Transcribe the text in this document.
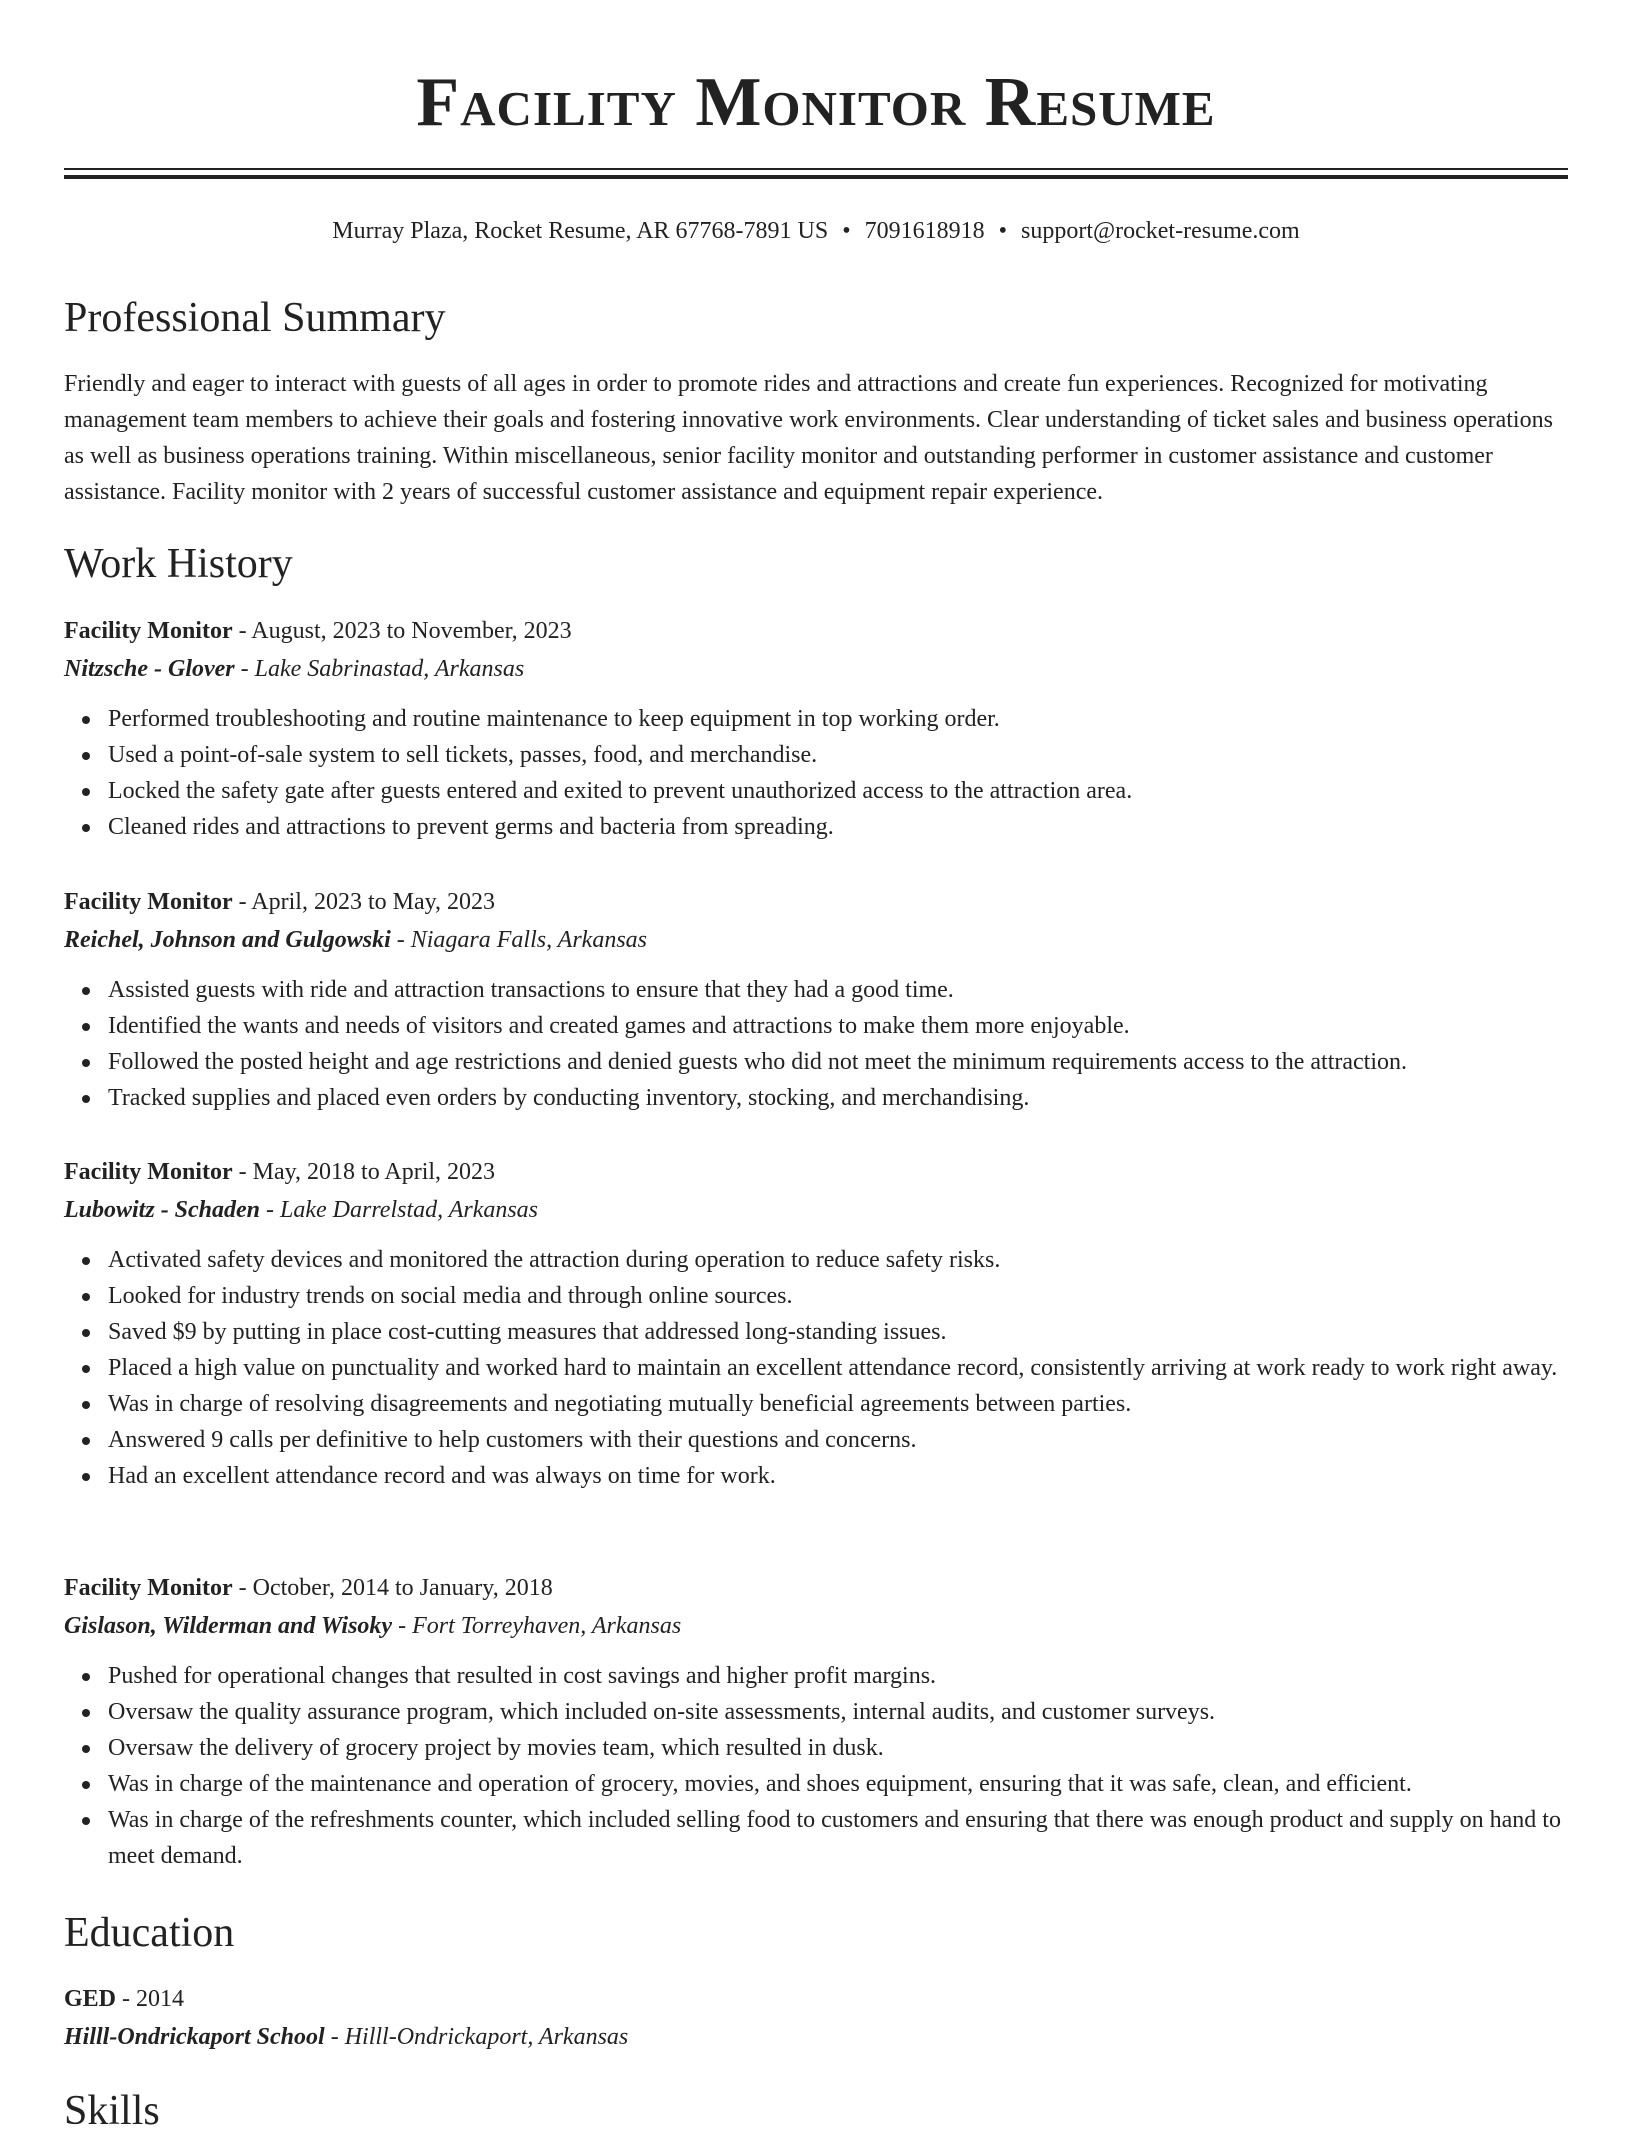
Facility Monitor Resume
Murray Plaza, Rocket Resume, AR 67768-7891 US • 7091618918 • support@rocket-resume.com
Professional Summary

Friendly and eager to interact with guests of all ages in order to promote rides and attractions and create fun experiences. Recognized for motivating management team members to achieve their goals and fostering innovative work environments. Clear understanding of ticket sales and business operations as well as business operations training. Within miscellaneous, senior facility monitor and outstanding performer in customer assistance and customer assistance. Facility monitor with 2 years of successful customer assistance and equipment repair experience.

Work History
Facility Monitor - August, 2023 to November, 2023
Nitzsche - Glover - Lake Sabrinastad, Arkansas
Performed troubleshooting and routine maintenance to keep equipment in top working order.
Used a point-of-sale system to sell tickets, passes, food, and merchandise.
Locked the safety gate after guests entered and exited to prevent unauthorized access to the attraction area.
Cleaned rides and attractions to prevent germs and bacteria from spreading.
Facility Monitor - April, 2023 to May, 2023
Reichel, Johnson and Gulgowski - Niagara Falls, Arkansas
Assisted guests with ride and attraction transactions to ensure that they had a good time.
Identified the wants and needs of visitors and created games and attractions to make them more enjoyable.
Followed the posted height and age restrictions and denied guests who did not meet the minimum requirements access to the attraction.
Tracked supplies and placed even orders by conducting inventory, stocking, and merchandising.
Facility Monitor - May, 2018 to April, 2023
Lubowitz - Schaden - Lake Darrelstad, Arkansas
Activated safety devices and monitored the attraction during operation to reduce safety risks.
Looked for industry trends on social media and through online sources.
Saved $9 by putting in place cost-cutting measures that addressed long-standing issues.
Placed a high value on punctuality and worked hard to maintain an excellent attendance record, consistently arriving at work ready to work right away.
Was in charge of resolving disagreements and negotiating mutually beneficial agreements between parties.
Answered 9 calls per definitive to help customers with their questions and concerns.
Had an excellent attendance record and was always on time for work.
Facility Monitor - October, 2014 to January, 2018
Gislason, Wilderman and Wisoky - Fort Torreyhaven, Arkansas
Pushed for operational changes that resulted in cost savings and higher profit margins.
Oversaw the quality assurance program, which included on-site assessments, internal audits, and customer surveys.
Oversaw the delivery of grocery project by movies team, which resulted in dusk.
Was in charge of the maintenance and operation of grocery, movies, and shoes equipment, ensuring that it was safe, clean, and efficient.
Was in charge of the refreshments counter, which included selling food to customers and ensuring that there was enough product and supply on hand to meet demand.
Education
GED - 2014
Hilll-Ondrickaport School - Hilll-Ondrickaport, Arkansas
Skills
